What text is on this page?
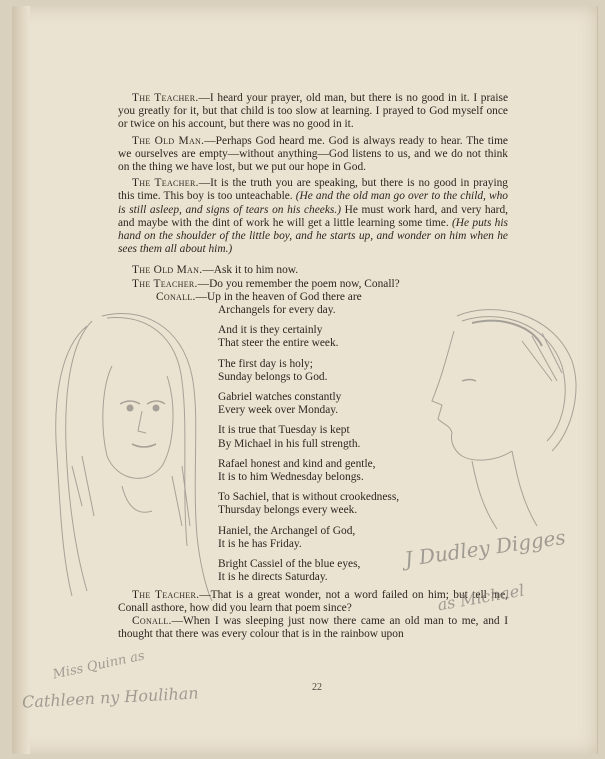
The Teacher.—I heard your prayer, old man, but there is no good in it. I praise you greatly for it, but that child is too slow at learning. I prayed to God myself once or twice on his account, but there was no good in it.

The Old Man.—Perhaps God heard me. God is always ready to hear. The time we ourselves are empty—without anything—God listens to us, and we do not think on the thing we have lost, but we put our hope in God.

The Teacher.—It is the truth you are speaking, but there is no good in praying this time. This boy is too unteachable. (He and the old man go over to the child, who is still asleep, and signs of tears on his cheeks.) He must work hard, and very hard, and maybe with the dint of work he will get a little learning some time. (He puts his hand on the shoulder of the little boy, and he starts up, and wonder on him when he sees them all about him.)

The Old Man.—Ask it to him now.

The Teacher.—Do you remember the poem now, Conall?

Conall.—Up in the heaven of God there are
Archangels for every day.
And it is they certainly
That steer the entire week.
The first day is holy;
Sunday belongs to God.
Gabriel watches constantly
Every week over Monday.
It is true that Tuesday is kept
By Michael in his full strength.
Rafael honest and kind and gentle,
It is to him Wednesday belongs.
To Sachiel, that is without crookedness,
Thursday belongs every week.
Haniel, the Archangel of God,
It is he has Friday.
Bright Cassiel of the blue eyes,
It is he directs Saturday.

The Teacher.—That is a great wonder, not a word failed on him; but tell me, Conall asthore, how did you learn that poem since?

Conall.—When I was sleeping just now there came an old man to me, and I thought that there was every colour that is in the rainbow upon

22
J Dudley Digges
as Michael
Miss Quinn as
Cathleen ny Houlihan
